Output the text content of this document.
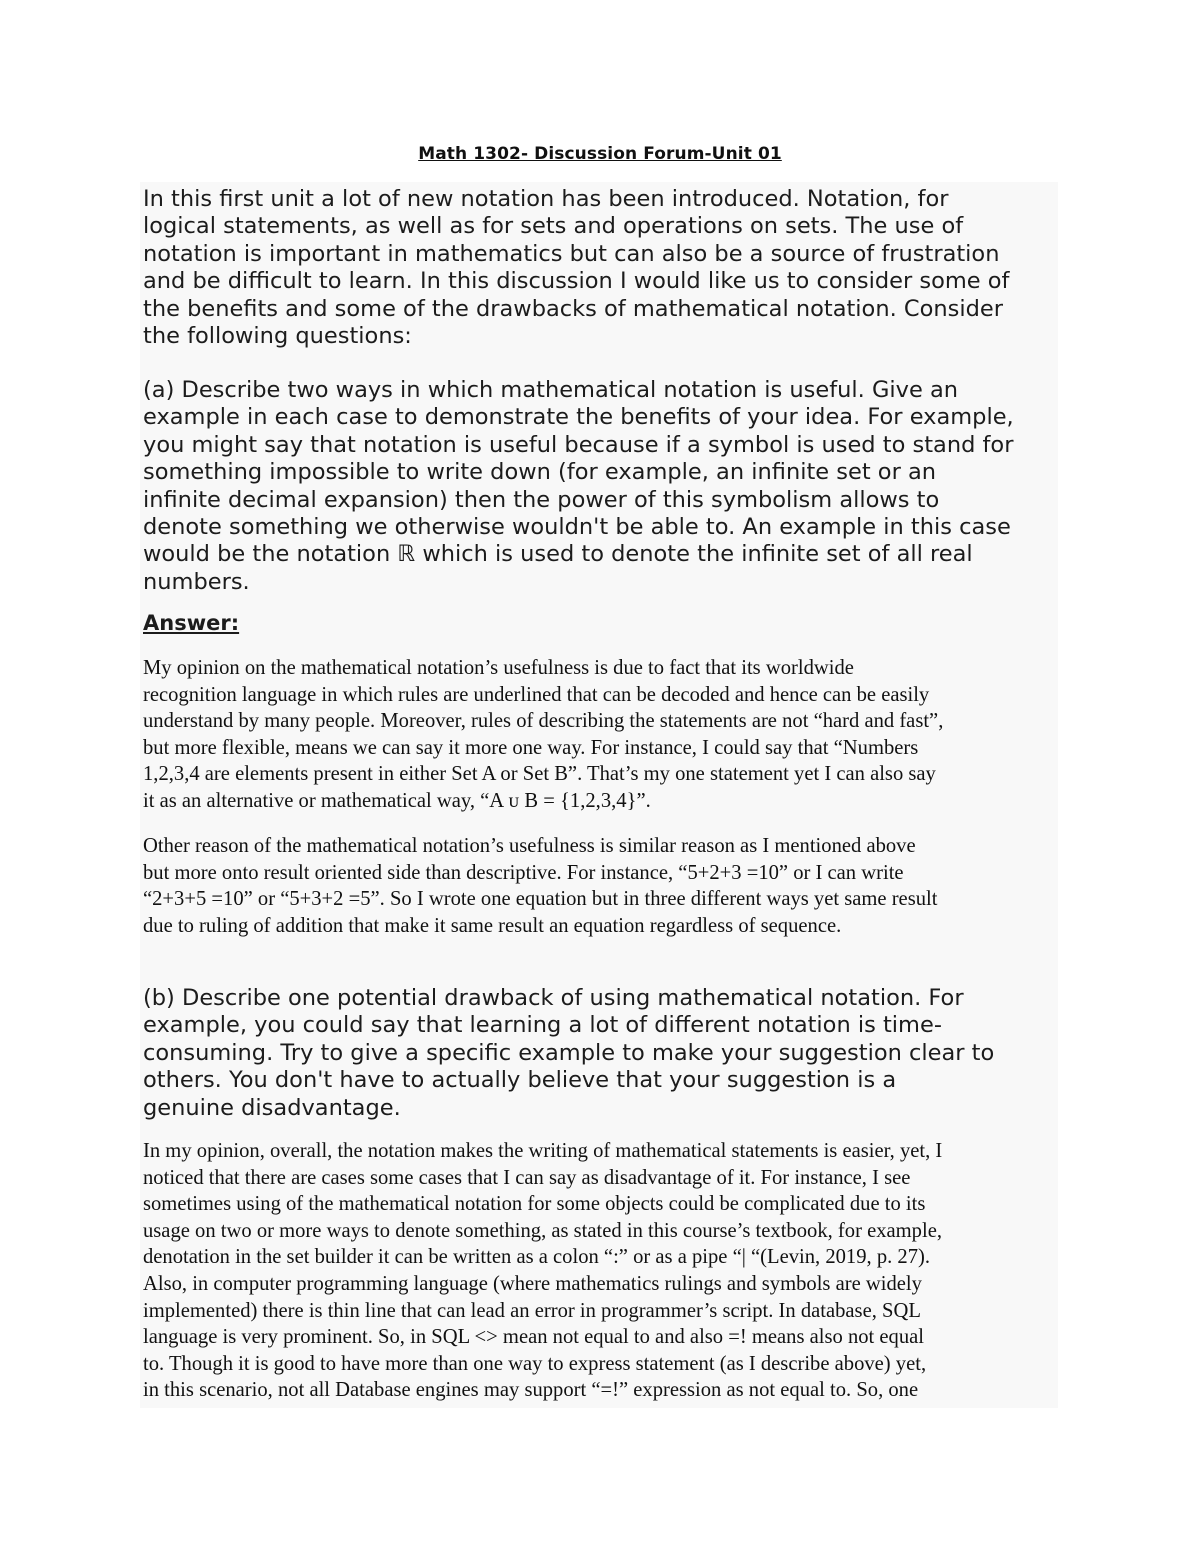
Math 1302- Discussion Forum-Unit 01

In this first unit a lot of new notation has been introduced. Notation, for
logical statements, as well as for sets and operations on sets. The use of
notation is important in mathematics but can also be a source of frustration
and be difficult to learn. In this discussion I would like us to consider some of
the benefits and some of the drawbacks of mathematical notation. Consider
the following questions:

(a) Describe two ways in which mathematical notation is useful. Give an
example in each case to demonstrate the benefits of your idea. For example,
you might say that notation is useful because if a symbol is used to stand for
something impossible to write down (for example, an infinite set or an
infinite decimal expansion) then the power of this symbolism allows to
denote something we otherwise wouldn't be able to. An example in this case
would be the notation ℝ which is used to denote the infinite set of all real
numbers.

Answer:

My opinion on the mathematical notation’s usefulness is due to fact that its worldwide
recognition language in which rules are underlined that can be decoded and hence can be easily
understand by many people. Moreover, rules of describing the statements are not “hard and fast”,
but more flexible, means we can say it more one way. For instance, I could say that “Numbers
1,2,3,4 are elements present in either Set A or Set B”. That’s my one statement yet I can also say
it as an alternative or mathematical way, “A ᴜ B = {1,2,3,4}”.

Other reason of the mathematical notation’s usefulness is similar reason as I mentioned above
but more onto result oriented side than descriptive. For instance, “5+2+3 =10” or I can write
“2+3+5 =10” or “5+3+2 =5”. So I wrote one equation but in three different ways yet same result
due to ruling of addition that make it same result an equation regardless of sequence.

(b) Describe one potential drawback of using mathematical notation. For
example, you could say that learning a lot of different notation is time-
consuming. Try to give a specific example to make your suggestion clear to
others. You don't have to actually believe that your suggestion is a
genuine disadvantage.

In my opinion, overall, the notation makes the writing of mathematical statements is easier, yet, I
noticed that there are cases some cases that I can say as disadvantage of it. For instance, I see
sometimes using of the mathematical notation for some objects could be complicated due to its
usage on two or more ways to denote something, as stated in this course’s textbook, for example,
denotation in the set builder it can be written as a colon “:” or as a pipe “| “(Levin, 2019, p. 27).
Also, in computer programming language (where mathematics rulings and symbols are widely
implemented) there is thin line that can lead an error in programmer’s script. In database, SQL
language is very prominent. So, in SQL <> mean not equal to and also =! means also not equal
to. Though it is good to have more than one way to express statement (as I describe above) yet,
in this scenario, not all Database engines may support “=!” expression as not equal to. So, one
